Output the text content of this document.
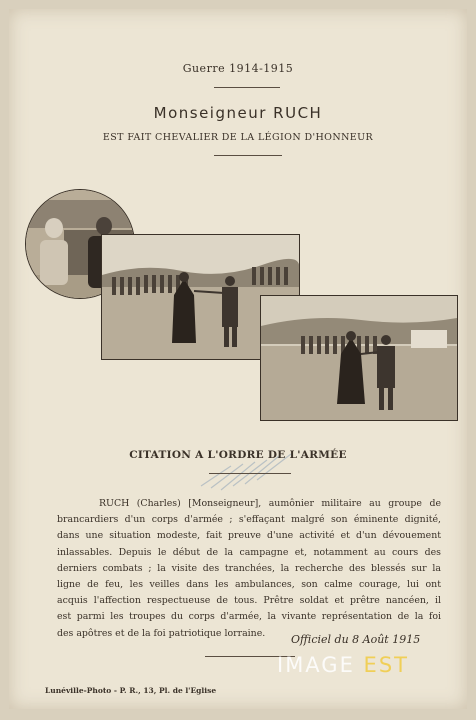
Guerre 1914-1915
Monseigneur RUCH
EST FAIT CHEVALIER DE LA LÉGION D'HONNEUR
CITATION A L'ORDRE DE L'ARMÉE
RUCH (Charles) [Monseigneur], aumônier militaire au groupe de
brancardiers d'un corps d'armée ; s'effaçant malgré son éminente dignité,
dans une situation modeste, fait preuve d'une activité et d'un dévouement
inlassables. Depuis le début de la campagne et, notamment au cours des
derniers combats ; la visite des tranchées, la recherche des blessés sur la
ligne de feu, les veilles dans les ambulances, son calme courage, lui ont
acquis l'affection respectueuse de tous. Prêtre soldat et prêtre nancéen, il
est parmi les troupes du corps d'armée, la vivante représentation de la foi
des apôtres et de la foi patriotique lorraine.	Officiel du 8 Août 1915
IMAGE EST
Lunéville-Photo - P. R., 13, Pl. de l'Eglise
